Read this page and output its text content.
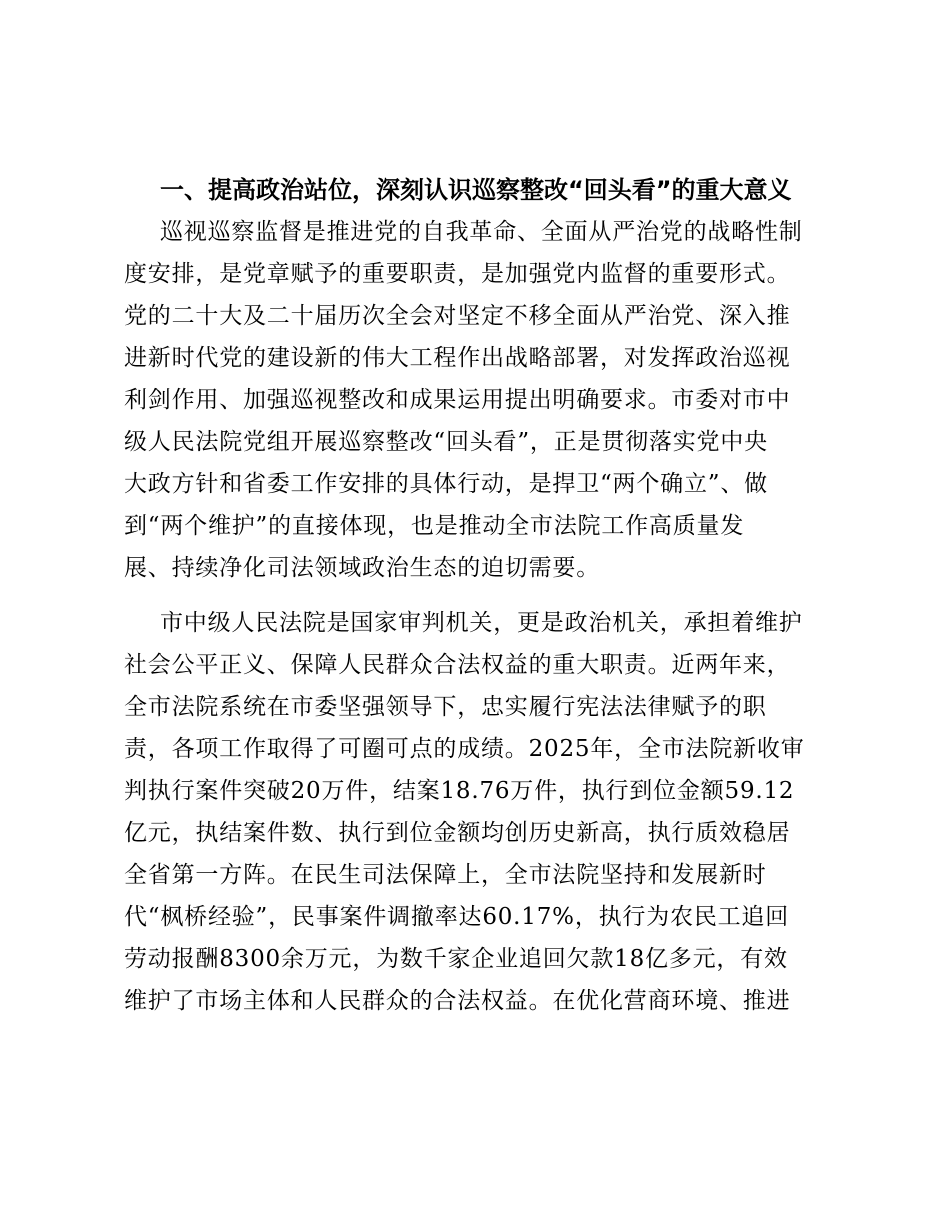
一、提高政治站位，深刻认识巡察整改“回头看”的重大意义
巡视巡察监督是推进党的自我革命、全面从严治党的战略性制
度安排，是党章赋予的重要职责，是加强党内监督的重要形式。
党的二十大及二十届历次全会对坚定不移全面从严治党、深入推
进新时代党的建设新的伟大工程作出战略部署，对发挥政治巡视
利剑作用、加强巡视整改和成果运用提出明确要求。市委对市中
级人民法院党组开展巡察整改“回头看”，正是贯彻落实党中央
大政方针和省委工作安排的具体行动，是捍卫“两个确立”、做
到“两个维护”的直接体现，也是推动全市法院工作高质量发
展、持续净化司法领域政治生态的迫切需要。
市中级人民法院是国家审判机关，更是政治机关，承担着维护
社会公平正义、保障人民群众合法权益的重大职责。近两年来，
全市法院系统在市委坚强领导下，忠实履行宪法法律赋予的职
责，各项工作取得了可圈可点的成绩。2025年，全市法院新收审
判执行案件突破20万件，结案18.76万件，执行到位金额59.12
亿元，执结案件数、执行到位金额均创历史新高，执行质效稳居
全省第一方阵。在民生司法保障上，全市法院坚持和发展新时
代“枫桥经验”，民事案件调撤率达60.17%，执行为农民工追回
劳动报酬8300余万元，为数千家企业追回欠款18亿多元，有效
维护了市场主体和人民群众的合法权益。在优化营商环境、推进
